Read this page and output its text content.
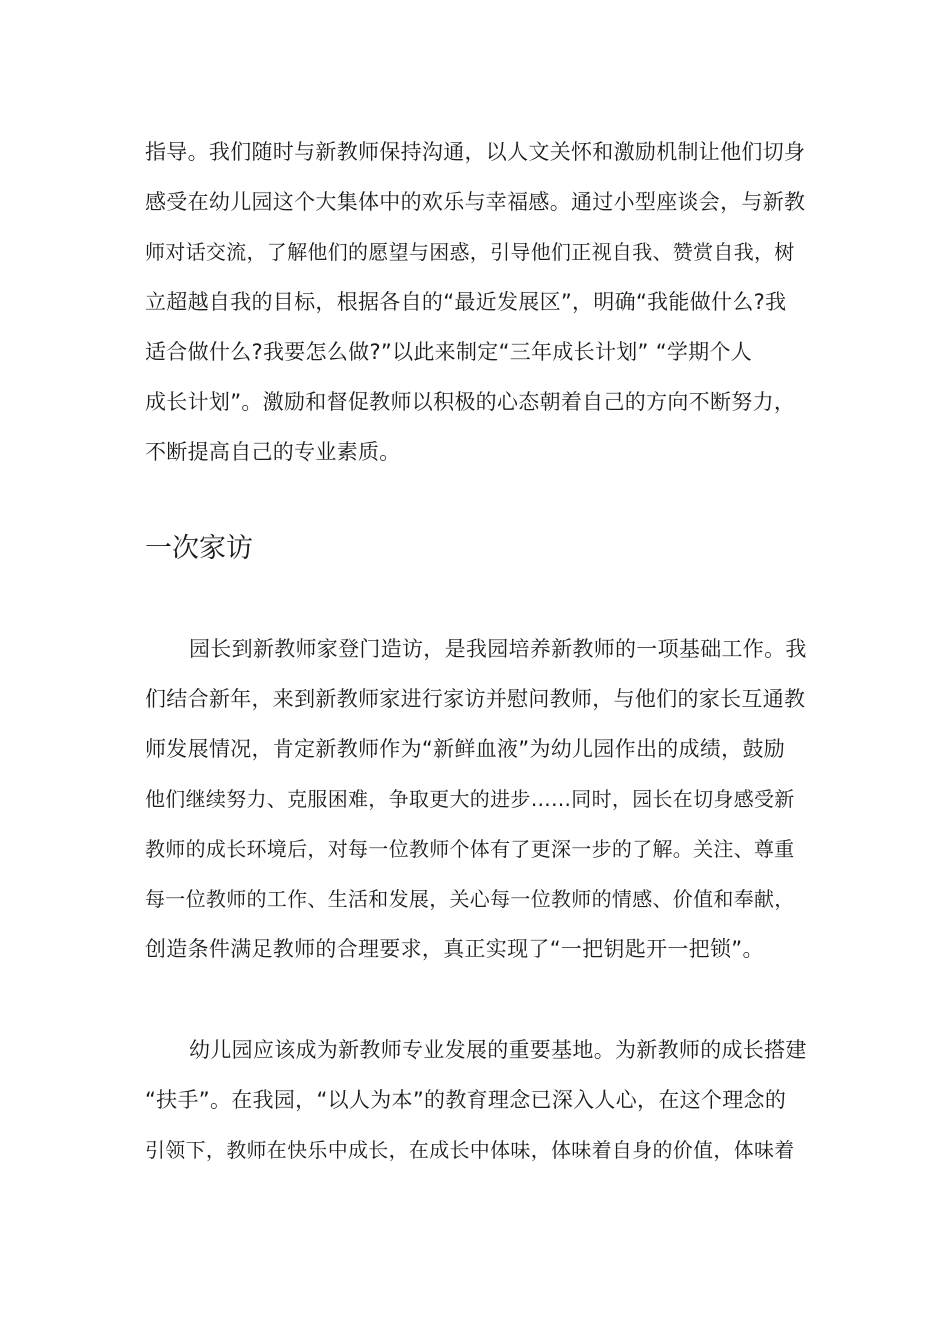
指导。我们随时与新教师保持沟通，以人文关怀和激励机制让他们切身
感受在幼儿园这个大集体中的欢乐与幸福感。通过小型座谈会，与新教
师对话交流，了解他们的愿望与困惑，引导他们正视自我、赞赏自我，树
立超越自我的目标，根据各自的“最近发展区”，明确“我能做什么?我
适合做什么?我要怎么做?”以此来制定“三年成长计划” “学期个人
成长计划”。激励和督促教师以积极的心态朝着自己的方向不断努力，
不断提高自己的专业素质。
一次家访
园长到新教师家登门造访，是我园培养新教师的一项基础工作。我
们结合新年，来到新教师家进行家访并慰问教师，与他们的家长互通教
师发展情况，肯定新教师作为“新鲜血液”为幼儿园作出的成绩，鼓励
他们继续努力、克服困难，争取更大的进步……同时，园长在切身感受新
教师的成长环境后，对每一位教师个体有了更深一步的了解。关注、尊重
每一位教师的工作、生活和发展，关心每一位教师的情感、价值和奉献，
创造条件满足教师的合理要求，真正实现了“一把钥匙开一把锁”。
幼儿园应该成为新教师专业发展的重要基地。为新教师的成长搭建
“扶手”。在我园，“以人为本”的教育理念已深入人心，在这个理念的
引领下，教师在快乐中成长，在成长中体味，体味着自身的价值，体味着
